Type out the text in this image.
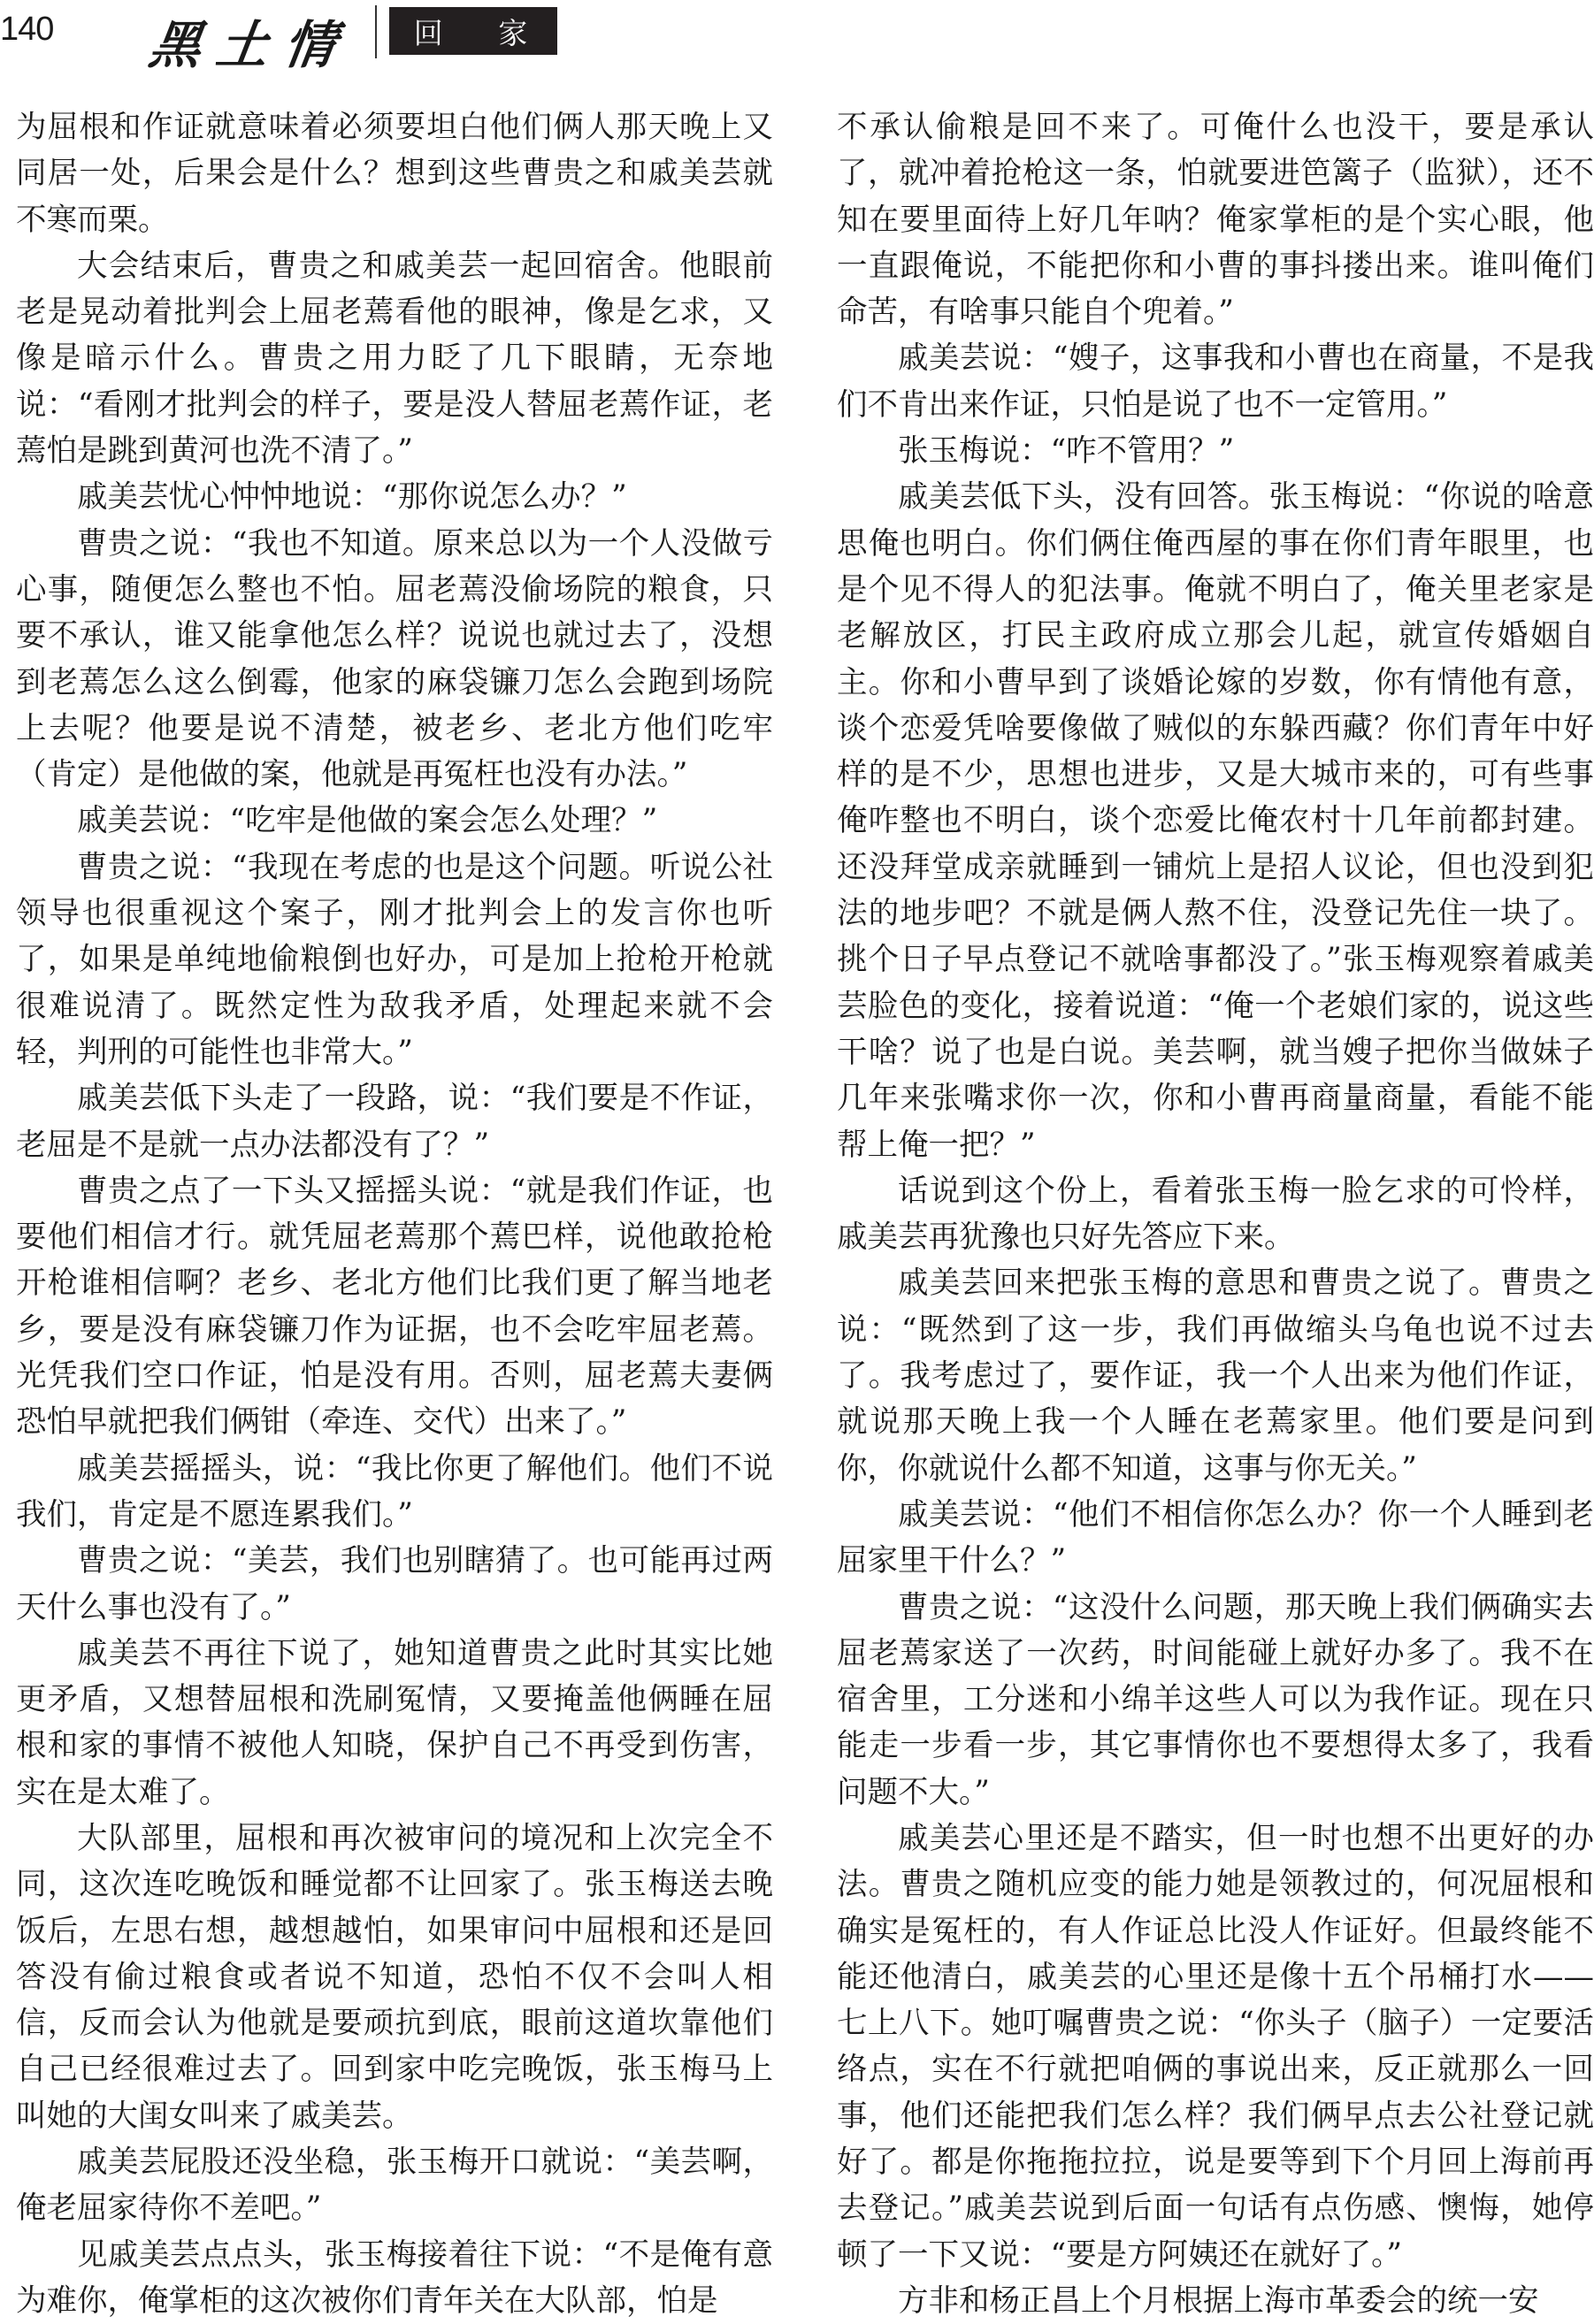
140 黑土情	回 家

为屈根和作证就意味着必须要坦白他们俩人那天晚上又同居一处，后果会是什么？想到这些曹贵之和戚美芸就不寒而栗。

大会结束后，曹贵之和戚美芸一起回宿舍。他眼前老是晃动着批判会上屈老蔫看他的眼神，像是乞求，又像是暗示什么。曹贵之用力眨了几下眼睛，无奈地说：“看刚才批判会的样子，要是没人替屈老蔫作证，老蔫怕是跳到黄河也洗不清了。”

戚美芸忧心忡忡地说：“那你说怎么办？”

曹贵之说：“我也不知道。原来总以为一个人没做亏心事，随便怎么整也不怕。屈老蔫没偷场院的粮食，只要不承认，谁又能拿他怎么样？说说也就过去了，没想到老蔫怎么这么倒霉，他家的麻袋镰刀怎么会跑到场院上去呢？他要是说不清楚，被老乡、老北方他们吃牢（肯定）是他做的案，他就是再冤枉也没有办法。”

戚美芸说：“吃牢是他做的案会怎么处理？”

曹贵之说：“我现在考虑的也是这个问题。听说公社领导也很重视这个案子，刚才批判会上的发言你也听了，如果是单纯地偷粮倒也好办，可是加上抢枪开枪就很难说清了。既然定性为敌我矛盾，处理起来就不会轻，判刑的可能性也非常大。”

戚美芸低下头走了一段路，说：“我们要是不作证，老屈是不是就一点办法都没有了？”

曹贵之点了一下头又摇摇头说：“就是我们作证，也要他们相信才行。就凭屈老蔫那个蔫巴样，说他敢抢枪开枪谁相信啊？老乡、老北方他们比我们更了解当地老乡，要是没有麻袋镰刀作为证据，也不会吃牢屈老蔫。光凭我们空口作证，怕是没有用。否则，屈老蔫夫妻俩恐怕早就把我们俩钳（牵连、交代）出来了。”

戚美芸摇摇头，说：“我比你更了解他们。他们不说我们，肯定是不愿连累我们。”

曹贵之说：“美芸，我们也别瞎猜了。也可能再过两天什么事也没有了。”

戚美芸不再往下说了，她知道曹贵之此时其实比她更矛盾，又想替屈根和洗刷冤情，又要掩盖他俩睡在屈根和家的事情不被他人知晓，保护自己不再受到伤害，实在是太难了。

大队部里，屈根和再次被审问的境况和上次完全不同，这次连吃晚饭和睡觉都不让回家了。张玉梅送去晚饭后，左思右想，越想越怕，如果审问中屈根和还是回答没有偷过粮食或者说不知道，恐怕不仅不会叫人相信，反而会认为他就是要顽抗到底，眼前这道坎靠他们自己已经很难过去了。回到家中吃完晚饭，张玉梅马上叫她的大闺女叫来了戚美芸。

戚美芸屁股还没坐稳，张玉梅开口就说：“美芸啊，俺老屈家待你不差吧。”

见戚美芸点点头，张玉梅接着往下说：“不是俺有意为难你，俺掌柜的这次被你们青年关在大队部，怕是

不承认偷粮是回不来了。可俺什么也没干，要是承认了，就冲着抢枪这一条，怕就要进笆篱子（监狱），还不知在要里面待上好几年呐？俺家掌柜的是个实心眼，他一直跟俺说，不能把你和小曹的事抖搂出来。谁叫俺们命苦，有啥事只能自个兜着。”

戚美芸说：“嫂子，这事我和小曹也在商量，不是我们不肯出来作证，只怕是说了也不一定管用。”

张玉梅说：“咋不管用？”

戚美芸低下头，没有回答。张玉梅说：“你说的啥意思俺也明白。你们俩住俺西屋的事在你们青年眼里，也是个见不得人的犯法事。俺就不明白了，俺关里老家是老解放区，打民主政府成立那会儿起，就宣传婚姻自主。你和小曹早到了谈婚论嫁的岁数，你有情他有意，谈个恋爱凭啥要像做了贼似的东躲西藏？你们青年中好样的是不少，思想也进步，又是大城市来的，可有些事俺咋整也不明白，谈个恋爱比俺农村十几年前都封建。还没拜堂成亲就睡到一铺炕上是招人议论，但也没到犯法的地步吧？不就是俩人熬不住，没登记先住一块了。挑个日子早点登记不就啥事都没了。”张玉梅观察着戚美芸脸色的变化，接着说道：“俺一个老娘们家的，说这些干啥？说了也是白说。美芸啊，就当嫂子把你当做妹子几年来张嘴求你一次，你和小曹再商量商量，看能不能帮上俺一把？”

话说到这个份上，看着张玉梅一脸乞求的可怜样，戚美芸再犹豫也只好先答应下来。

戚美芸回来把张玉梅的意思和曹贵之说了。曹贵之说：“既然到了这一步，我们再做缩头乌龟也说不过去了。我考虑过了，要作证，我一个人出来为他们作证，就说那天晚上我一个人睡在老蔫家里。他们要是问到你，你就说什么都不知道，这事与你无关。”

戚美芸说：“他们不相信你怎么办？你一个人睡到老屈家里干什么？”

曹贵之说：“这没什么问题，那天晚上我们俩确实去屈老蔫家送了一次药，时间能碰上就好办多了。我不在宿舍里，工分迷和小绵羊这些人可以为我作证。现在只能走一步看一步，其它事情你也不要想得太多了，我看问题不大。”

戚美芸心里还是不踏实，但一时也想不出更好的办法。曹贵之随机应变的能力她是领教过的，何况屈根和确实是冤枉的，有人作证总比没人作证好。但最终能不能还他清白，戚美芸的心里还是像十五个吊桶打水——七上八下。她叮嘱曹贵之说：“你头子（脑子）一定要活络点，实在不行就把咱俩的事说出来，反正就那么一回事，他们还能把我们怎么样？我们俩早点去公社登记就好了。都是你拖拖拉拉，说是要等到下个月回上海前再去登记。”戚美芸说到后面一句话有点伤感、懊悔，她停顿了一下又说：“要是方阿姨还在就好了。”

方非和杨正昌上个月根据上海市革委会的统一安
